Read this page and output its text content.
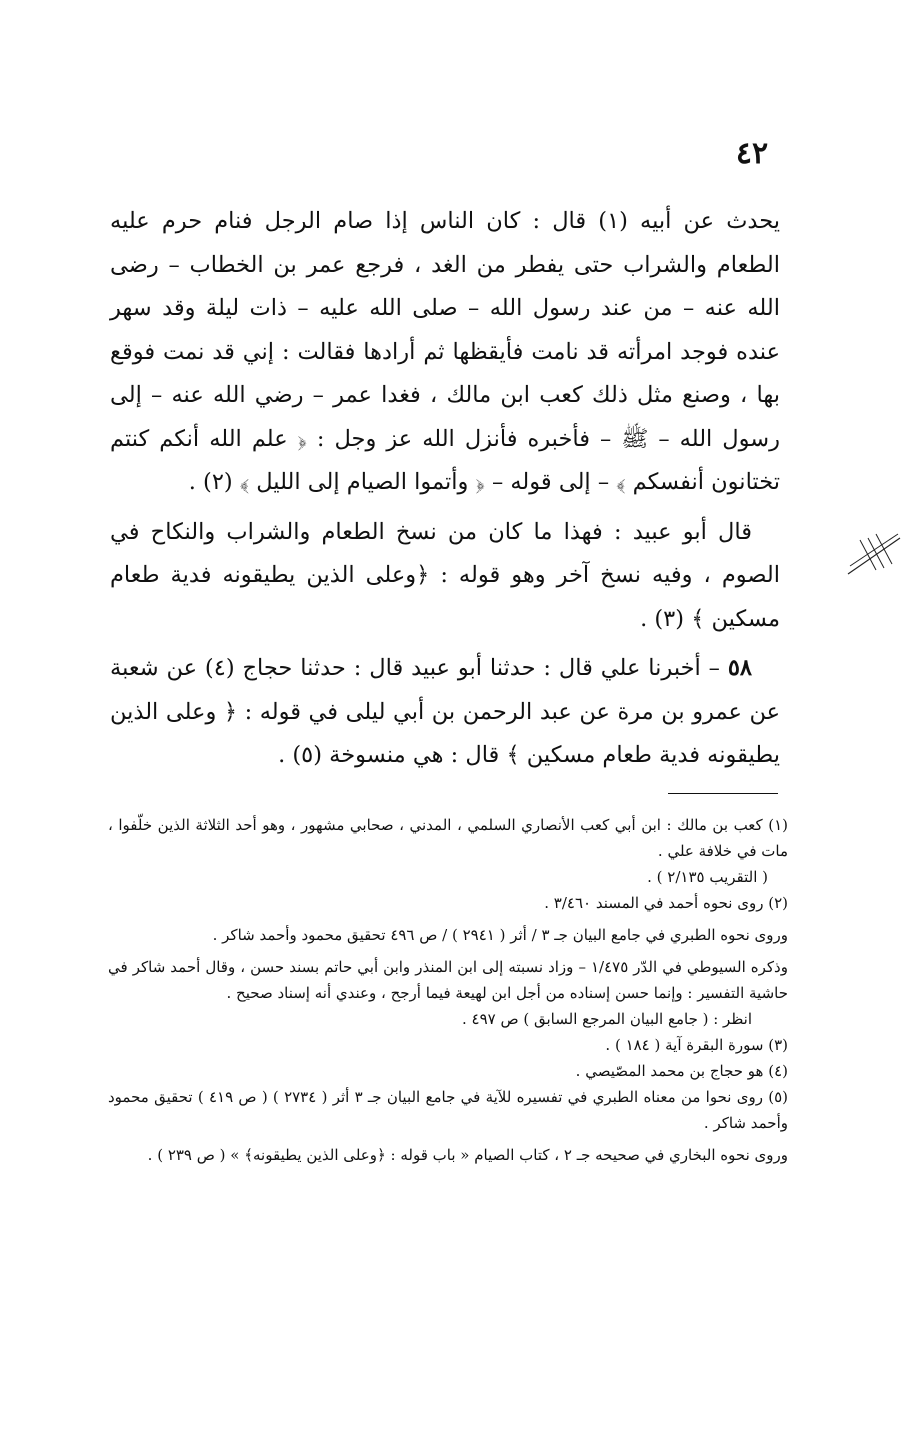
٤٢

يحدث عن أبيه (١) قال : كان الناس إذا صام الرجل فنام حرم عليه الطعام والشراب حتى يفطر من الغد ، فرجع عمر بن الخطاب – رضى الله عنه – من عند رسول الله – صلى الله عليه – ذات ليلة وقد سهر عنده فوجد امرأته قد نامت فأيقظها ثم أرادها فقالت : إني قد نمت فوقع بها ، وصنع مثل ذلك كعب ابن مالك ، فغدا عمر – رضي الله عنه – إلى رسول الله – ﷺ – فأخبره فأنزل الله عز وجل : ﴿ علم الله أنكم كنتم تختانون أنفسكم ﴾ – إلى قوله – ﴿ وأتموا الصيام إلى الليل ﴾ (٢) .

قال أبو عبيد : فهذا ما كان من نسخ الطعام والشراب والنكاح في الصوم ، وفيه نسخ آخر وهو قوله : ﴿وعلى الذين يطيقونه فدية طعام مسكين ﴾ (٣) .

٥٨ – أخبرنا علي قال : حدثنا أبو عبيد قال : حدثنا حجاج (٤) عن شعبة عن عمرو بن مرة عن عبد الرحمن بن أبي ليلى في قوله : ﴿ وعلى الذين يطيقونه فدية طعام مسكين ﴾ قال : هي منسوخة (٥) .

(١) كعب بن مالك : ابن أبي كعب الأنصاري السلمي ، المدني ، صحابي مشهور ، وهو أحد الثلاثة الذين خلّفوا ، مات في خلافة علي .

( التقريب ٢/١٣٥ ) .

(٢) روى نحوه أحمد في المسند ٣/٤٦٠ .

وروى نحوه الطبري في جامع البيان جـ ٣ / أثر ( ٢٩٤١ ) / ص ٤٩٦ تحقيق محمود وأحمد شاكر .

وذكره السيوطي في الدّر ١/٤٧٥ – وزاد نسبته إلى ابن المنذر وابن أبي حاتم بسند حسن ، وقال أحمد شاكر في حاشية التفسير : وإنما حسن إسناده من أجل ابن لهيعة فيما أرجح ، وعندي أنه إسناد صحيح .

انظر : ( جامع البيان المرجع السابق ) ص ٤٩٧ .

(٣) سورة البقرة آية ( ١٨٤ ) .

(٤) هو حجاج بن محمد المصّيصي .

(٥) روى نحوا من معناه الطبري في تفسيره للآية في جامع البيان جـ ٣ أثر ( ٢٧٣٤ ) ( ص ٤١٩ ) تحقيق محمود وأحمد شاكر .

وروى نحوه البخاري في صحيحه جـ ٢ ، كتاب الصيام « باب قوله : ﴿وعلى الذين يطيقونه﴾ » ( ص ٢٣٩ ) .
